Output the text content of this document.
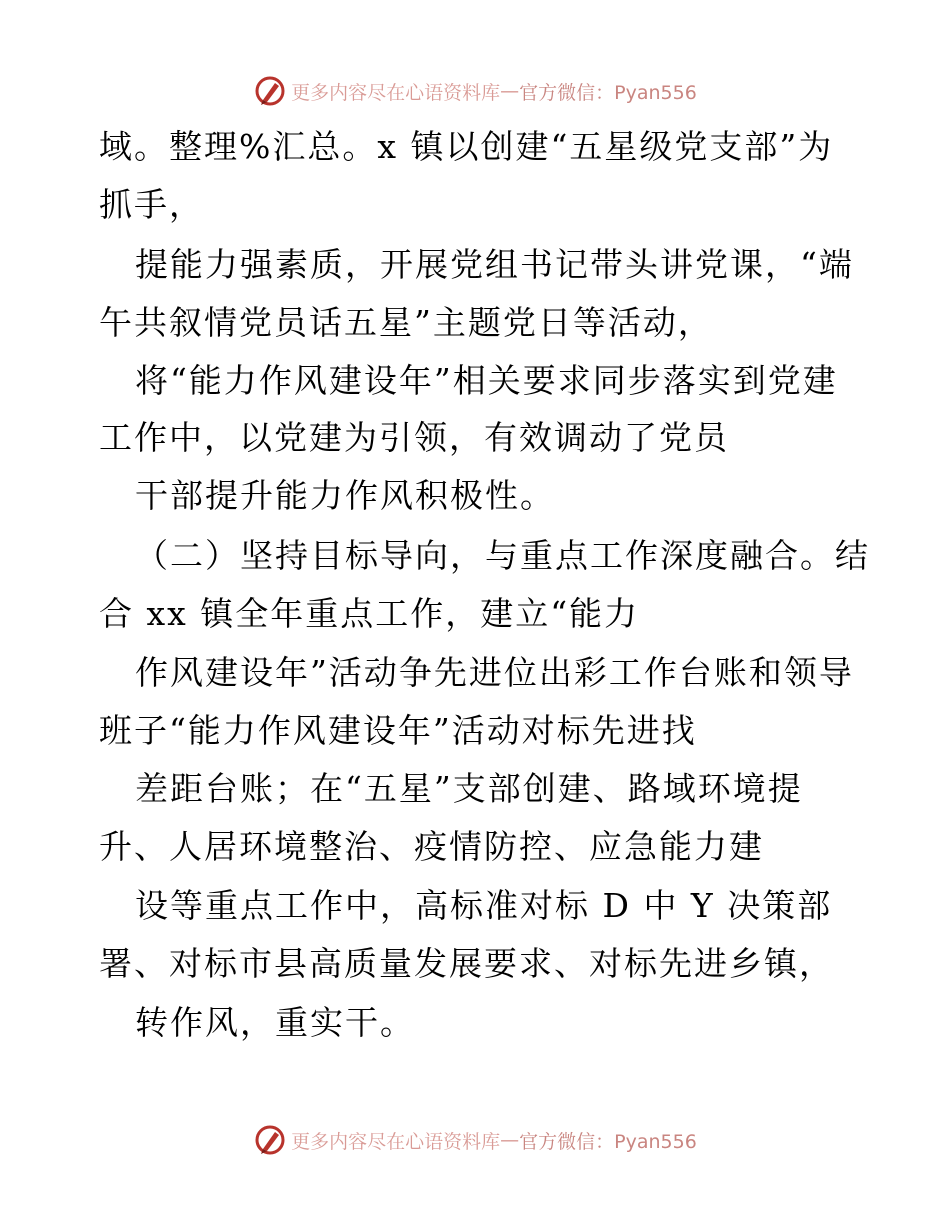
更多内容尽在心语资料库 — 官方微信：Pyan556
域。整理%汇总。x 镇以创建“五星级党支部”为
抓手，
提能力强素质，开展党组书记带头讲党课，“端
午共叙情党员话五星”主题党日等活动，
将“能力作风建设年”相关要求同步落实到党建
工作中，以党建为引领，有效调动了党员
干部提升能力作风积极性。
（二）坚持目标导向，与重点工作深度融合。结
合 xx 镇全年重点工作，建立“能力
作风建设年”活动争先进位出彩工作台账和领导
班子“能力作风建设年”活动对标先进找
差距台账；在“五星”支部创建、路域环境提
升、人居环境整治、疫情防控、应急能力建
设等重点工作中，高标准对标 D 中 Y 决策部
署、对标市县高质量发展要求、对标先进乡镇，
转作风，重实干。
更多内容尽在心语资料库 — 官方微信：Pyan556
